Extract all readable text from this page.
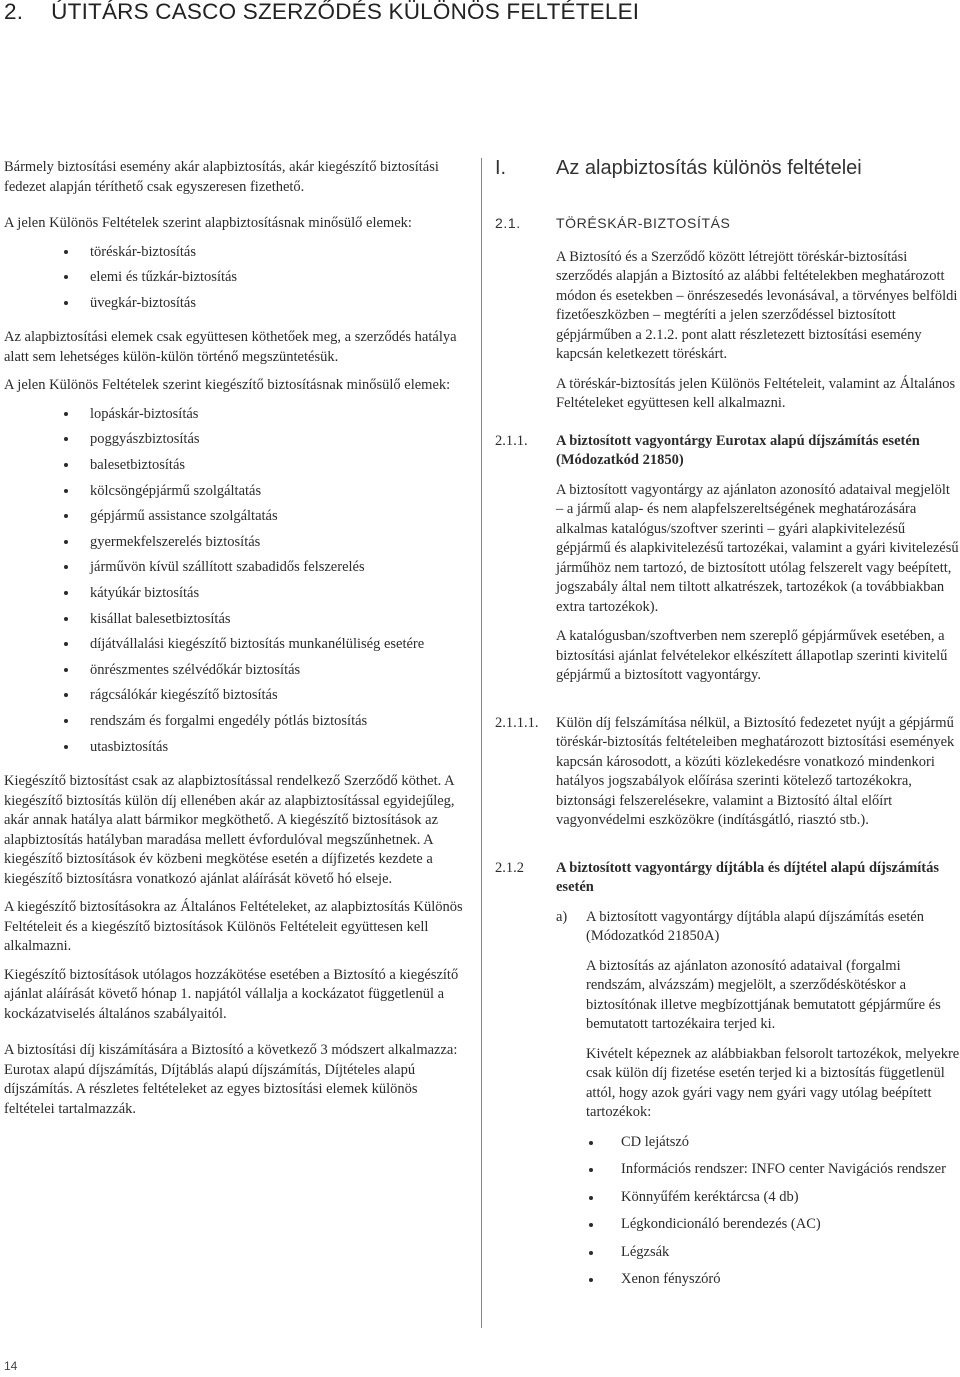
2. ÚTITÁRS CASCO SZERZŐDÉS KÜLÖNÖS FELTÉTELEI

Bármely biztosítási esemény akár alapbiztosítás, akár kiegészítő biztosítási fedezet alapján téríthető csak egyszeresen fizethető.

A jelen Különös Feltételek szerint alapbiztosításnak minősülő elemek:

töréskár-biztosítás
elemi és tűzkár-biztosítás
üvegkár-biztosítás

Az alapbiztosítási elemek csak együttesen köthetőek meg, a szerződés hatálya alatt sem lehetséges külön-külön történő megszüntetésük.

A jelen Különös Feltételek szerint kiegészítő biztosításnak minősülő elemek:

lopáskár-biztosítás
poggyászbiztosítás
balesetbiztosítás
kölcsöngépjármű szolgáltatás
gépjármű assistance szolgáltatás
gyermekfelszerelés biztosítás
járművön kívül szállított szabadidős felszerelés
kátyúkár biztosítás
kisállat balesetbiztosítás
díjátvállalási kiegészítő biztosítás munkanélüliség esetére
önrészmentes szélvédőkár biztosítás
rágcsálókár kiegészítő biztosítás
rendszám és forgalmi engedély pótlás biztosítás
utasbiztosítás

Kiegészítő biztosítást csak az alapbiztosítással rendelkező Szerződő köthet. A kiegészítő biztosítás külön díj ellenében akár az alapbiztosítással egyidejűleg, akár annak hatálya alatt bármikor megköthető. A kiegészítő biztosítások az alapbiztosítás hatályban maradása mellett évfordulóval megszűnhetnek. A kiegészítő biztosítások év közbeni megkötése esetén a díjfizetés kezdete a kiegészítő biztosításra vonatkozó ajánlat aláírását követő hó elseje.

A kiegészítő biztosításokra az Általános Feltételeket, az alapbiztosítás Különös Feltételeit és a kiegészítő biztosítások Különös Feltételeit együttesen kell alkalmazni.

Kiegészítő biztosítások utólagos hozzákötése esetében a Biztosító a kiegészítő ajánlat aláírását követő hónap 1. napjától vállalja a kockázatot függetlenül a kockázatviselés általános szabályaitól.

A biztosítási díj kiszámítására a Biztosító a következő 3 módszert alkalmazza: Eurotax alapú díjszámítás, Díjtáblás alapú díjszámítás, Díjtételes alapú díjszámítás. A részletes feltételeket az egyes biztosítási elemek különös feltételei tartalmazzák.

I. Az alapbiztosítás különös feltételei
2.1.	TÖRÉSKÁR-BIZTOSÍTÁS

A Biztosító és a Szerződő között létrejött töréskár-biztosítási szerződés alapján a Biztosító az alábbi feltételekben meghatározott módon és esetekben – önrészesedés levonásával, a törvényes belföldi fizetőeszközben – megtéríti a jelen szerződéssel biztosított gépjárműben a 2.1.2. pont alatt részletezett biztosítási esemény kapcsán keletkezett töréskárt.

A töréskár-biztosítás jelen Különös Feltételeit, valamint az Általános Feltételeket együttesen kell alkalmazni.

2.1.1.	A biztosított vagyontárgy Eurotax alapú díjszámítás esetén (Módozatkód 21850)

A biztosított vagyontárgy az ajánlaton azonosító adataival megjelölt – a jármű alap- és nem alapfelszereltségének meghatározására alkalmas katalógus/szoftver szerinti – gyári alapkivitelezésű gépjármű és alapkivitelezésű tartozékai, valamint a gyári kivitelezésű járműhöz nem tartozó, de biztosított utólag felszerelt vagy beépített, jogszabály által nem tiltott alkatrészek, tartozékok (a továbbiakban extra tartozékok).

A katalógusban/szoftverben nem szereplő gépjárművek esetében, a biztosítási ajánlat felvételekor elkészített állapotlap szerinti kivitelű gépjármű a biztosított vagyontárgy.

2.1.1.1.	Külön díj felszámítása nélkül, a Biztosító fedezetet nyújt a gépjármű töréskár-biztosítás feltételeiben meghatározott biztosítási események kapcsán károsodott, a közúti közlekedésre vonatkozó mindenkori hatályos jogszabályok előírása szerinti kötelező tartozékokra, biztonsági felszerelésekre, valamint a Biztosító által előírt vagyonvédelmi eszközökre (indításgátló, riasztó stb.).

2.1.2	A biztosított vagyontárgy díjtábla és díjtétel alapú díjszámítás esetén

a)	A biztosított vagyontárgy díjtábla alapú díjszámítás esetén (Módozatkód 21850A)

A biztosítás az ajánlaton azonosító adataival (forgalmi rendszám, alvázszám) megjelölt, a szerződéskötéskor a biztosítónak illetve megbízottjának bemutatott gépjárműre és bemutatott tartozékaira terjed ki.

Kivételt képeznek az alábbiakban felsorolt tartozékok, melyekre csak külön díj fizetése esetén terjed ki a biztosítás függetlenül attól, hogy azok gyári vagy nem gyári vagy utólag beépített tartozékok:

CD lejátszó
Információs rendszer: INFO center Navigációs rendszer
Könnyűfém keréktárcsa (4 db)
Légkondicionáló berendezés (AC)
Légzsák
Xenon fényszóró
14
